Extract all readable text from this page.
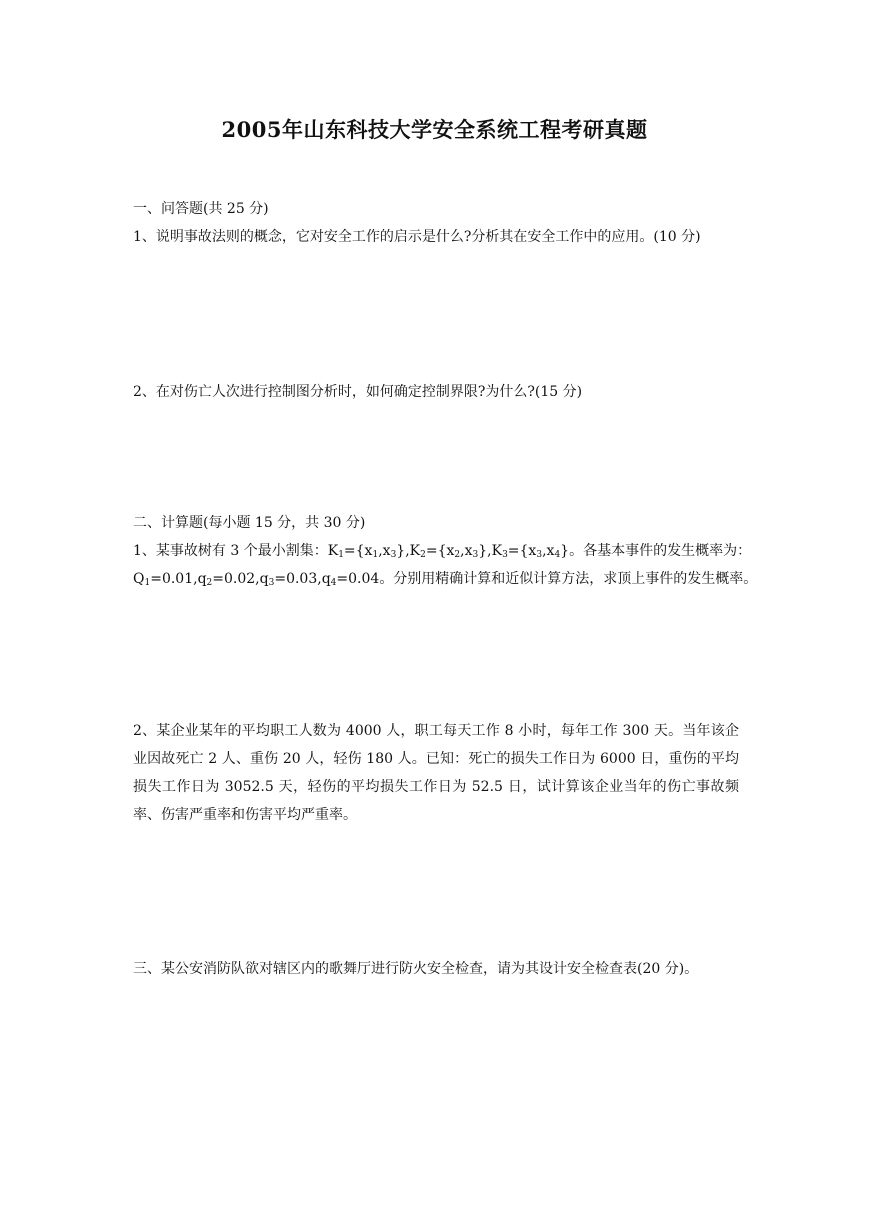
2005年山东科技大学安全系统工程考研真题

一、问答题(共 25 分)

1、说明事故法则的概念，它对安全工作的启示是什么?分析其在安全工作中的应用。(10 分)

2、在对伤亡人次进行控制图分析时，如何确定控制界限?为什么?(15 分)

二、计算题(每小题 15 分，共 30 分)

1、某事故树有 3 个最小割集：$K_1=\{x_1,x_3\},K_2=\{x_2,x_3\},K_3=\{x_3,x_4\}$。各基本事件的发生概率为：

$Q_1=0.01,q_2=0.02,q_3=0.03,q_4=0.04$。分别用精确计算和近似计算方法，求顶上事件的发生概率。

2、某企业某年的平均职工人数为 4000 人，职工每天工作 8 小时，每年工作 300 天。当年该企业因故死亡 2 人、重伤 20 人，轻伤 180 人。已知：死亡的损失工作日为 6000 日，重伤的平均损失工作日为 3052.5 天，轻伤的平均损失工作日为 52.5 日，试计算该企业当年的伤亡事故频率、伤害严重率和伤害平均严重率。

三、某公安消防队欲对辖区内的歌舞厅进行防火安全检查，请为其设计安全检查表(20 分)。
